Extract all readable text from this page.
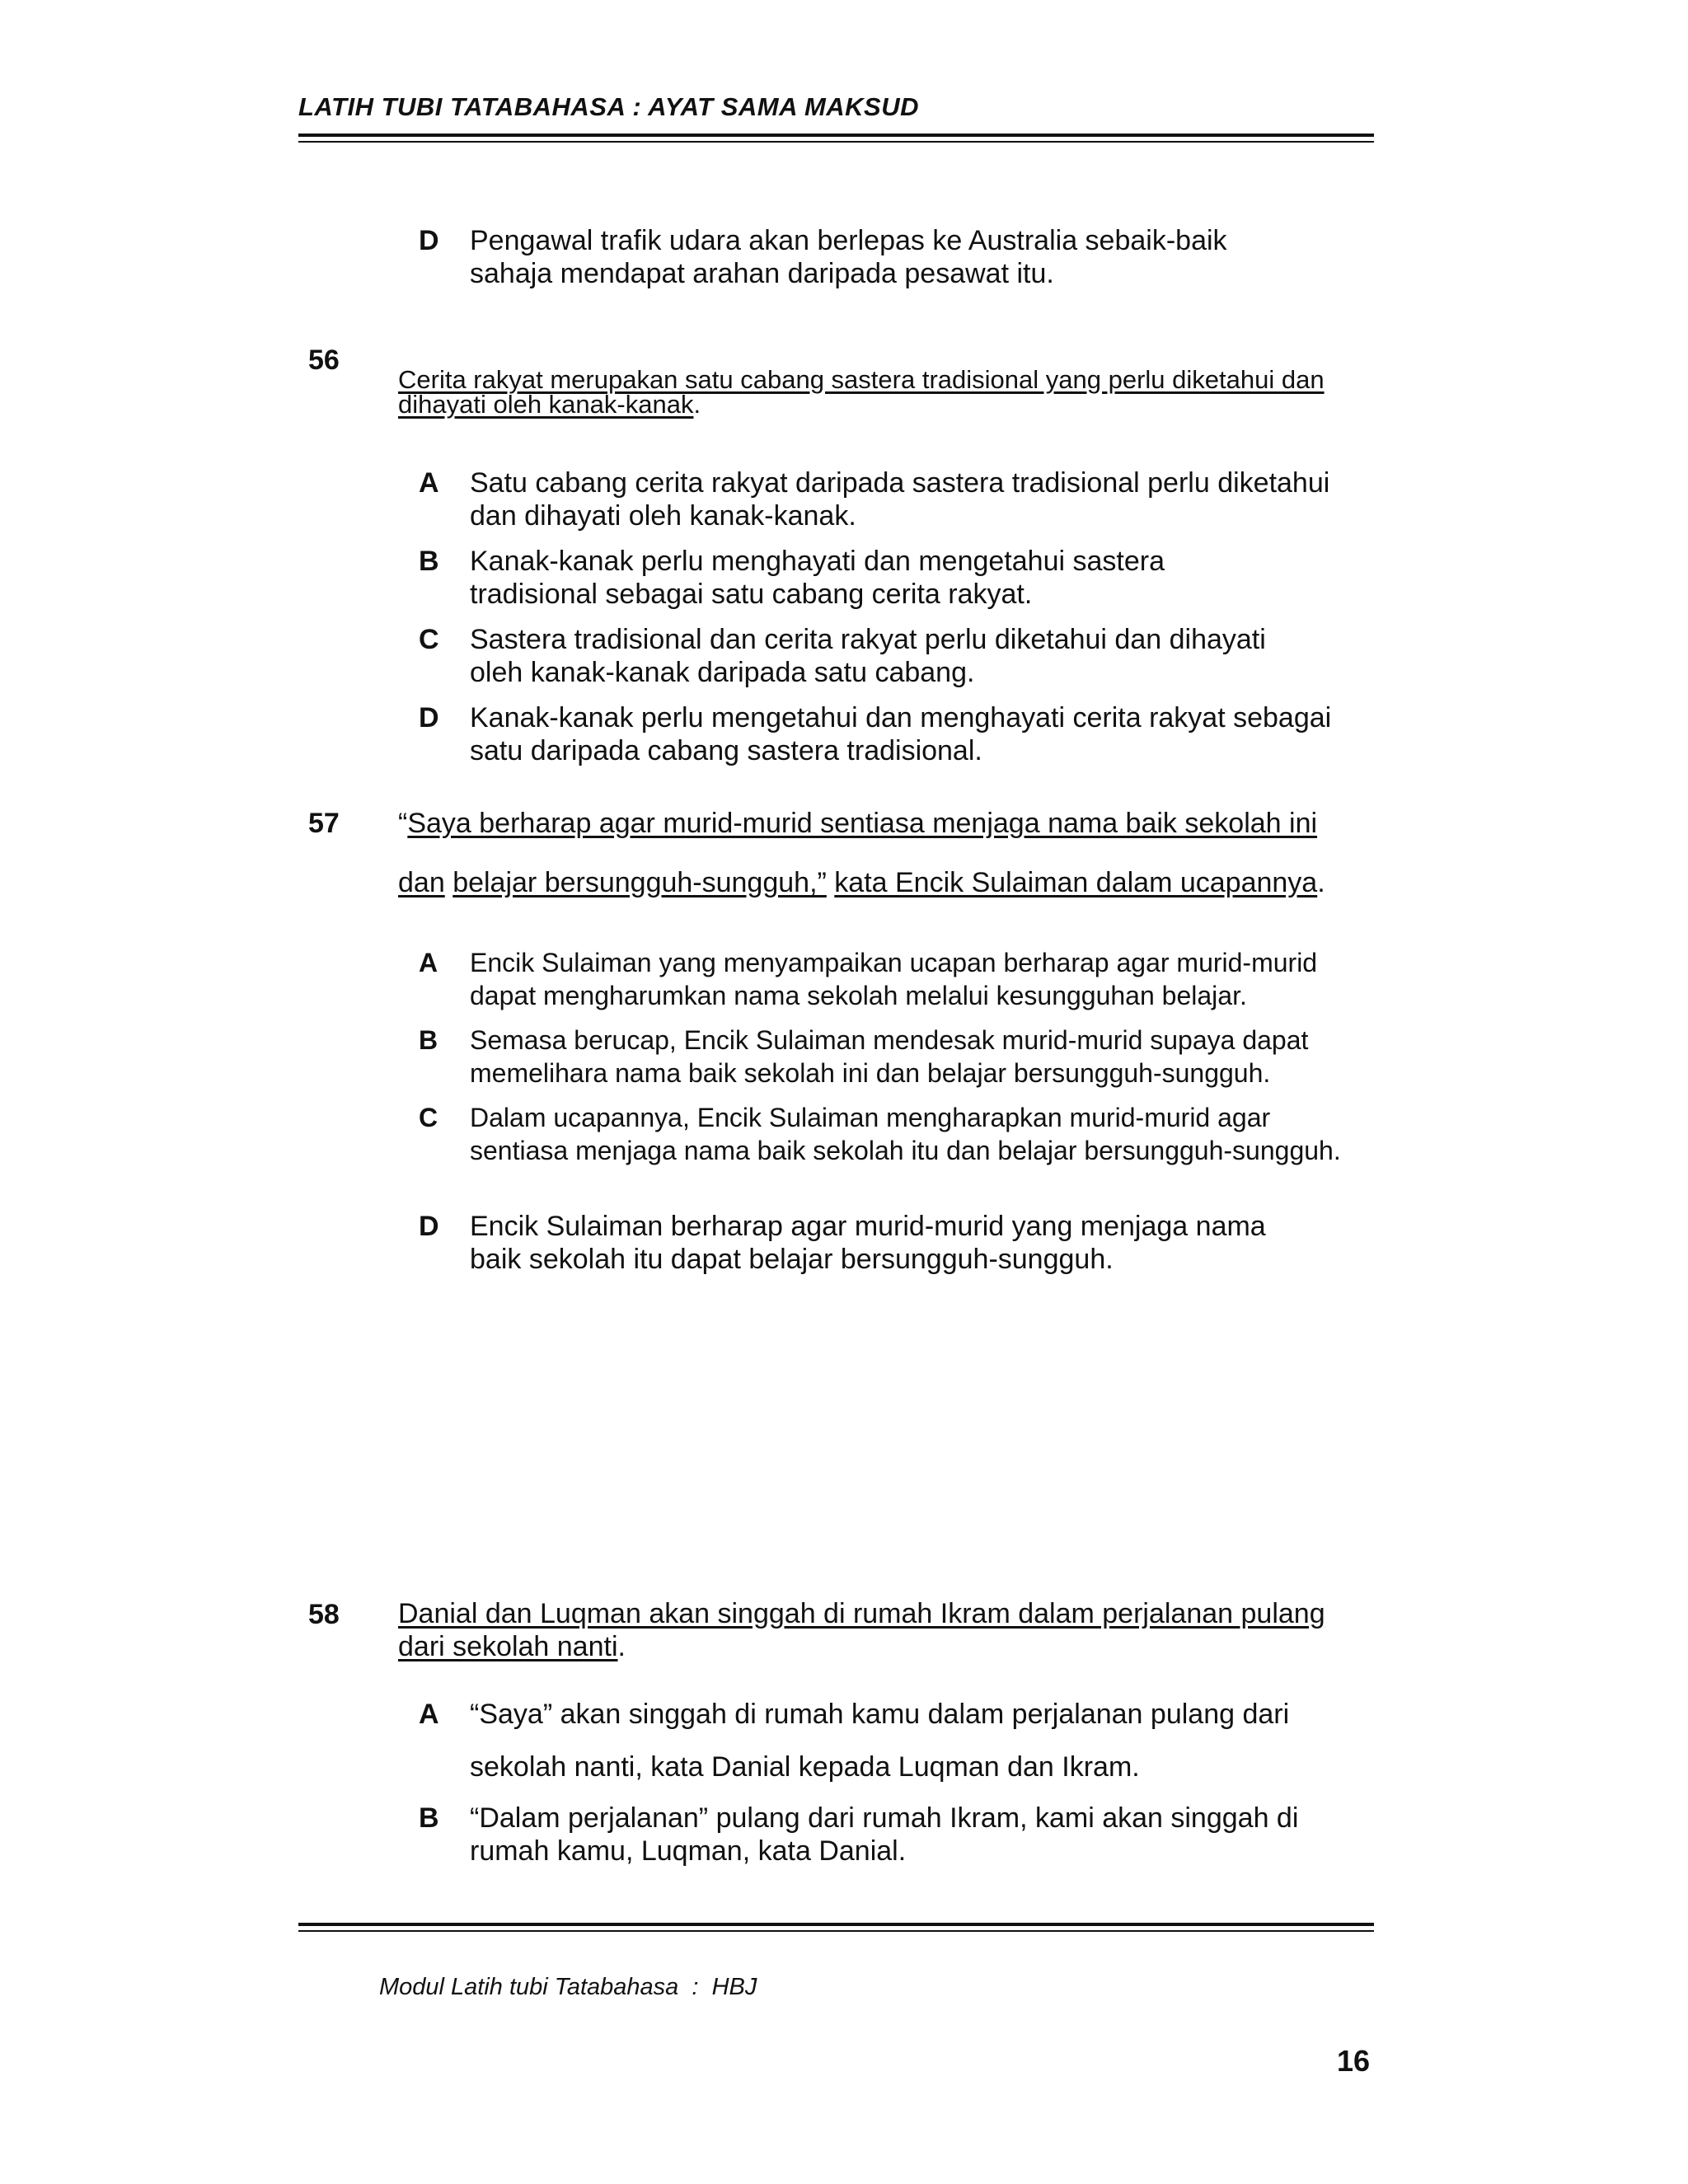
LATIH TUBI TATABAHASA : AYAT SAMA MAKSUD
D	Pengawal trafik udara akan berlepas ke Australia sebaik-baik
sahaja mendapat arahan daripada pesawat itu.
56
Cerita rakyat merupakan satu cabang sastera tradisional yang perlu diketahui dan
dihayati oleh kanak-kanak.
A	Satu cabang cerita rakyat daripada sastera tradisional perlu diketahui
dan dihayati oleh kanak-kanak.
B	Kanak-kanak perlu menghayati dan mengetahui sastera
tradisional sebagai satu cabang cerita rakyat.
C	Sastera tradisional dan cerita rakyat perlu diketahui dan dihayati
oleh kanak-kanak daripada satu cabang.
D	Kanak-kanak perlu mengetahui dan menghayati cerita rakyat sebagai
satu daripada cabang sastera tradisional.
57 “Saya berharap agar murid-murid sentiasa menjaga nama baik sekolah ini
dan belajar bersungguh-sungguh,” kata Encik Sulaiman dalam ucapannya.
A	Encik Sulaiman yang menyampaikan ucapan berharap agar murid-murid
dapat mengharumkan nama sekolah melalui kesungguhan belajar.
B	Semasa berucap, Encik Sulaiman mendesak murid-murid supaya dapat
memelihara nama baik sekolah ini dan belajar bersungguh-sungguh.
C	Dalam ucapannya, Encik Sulaiman mengharapkan murid-murid agar
sentiasa menjaga nama baik sekolah itu dan belajar bersungguh-sungguh.
D	Encik Sulaiman berharap agar murid-murid yang menjaga nama
baik sekolah itu dapat belajar bersungguh-sungguh.
58 Danial dan Luqman akan singgah di rumah Ikram dalam perjalanan pulang
dari sekolah nanti.
A	“Saya” akan singgah di rumah kamu dalam perjalanan pulang dari
sekolah nanti, kata Danial kepada Luqman dan Ikram.
B	“Dalam perjalanan” pulang dari rumah Ikram, kami akan singgah di
rumah kamu, Luqman, kata Danial.
Modul Latih tubi Tatabahasa  :  HBJ
16
